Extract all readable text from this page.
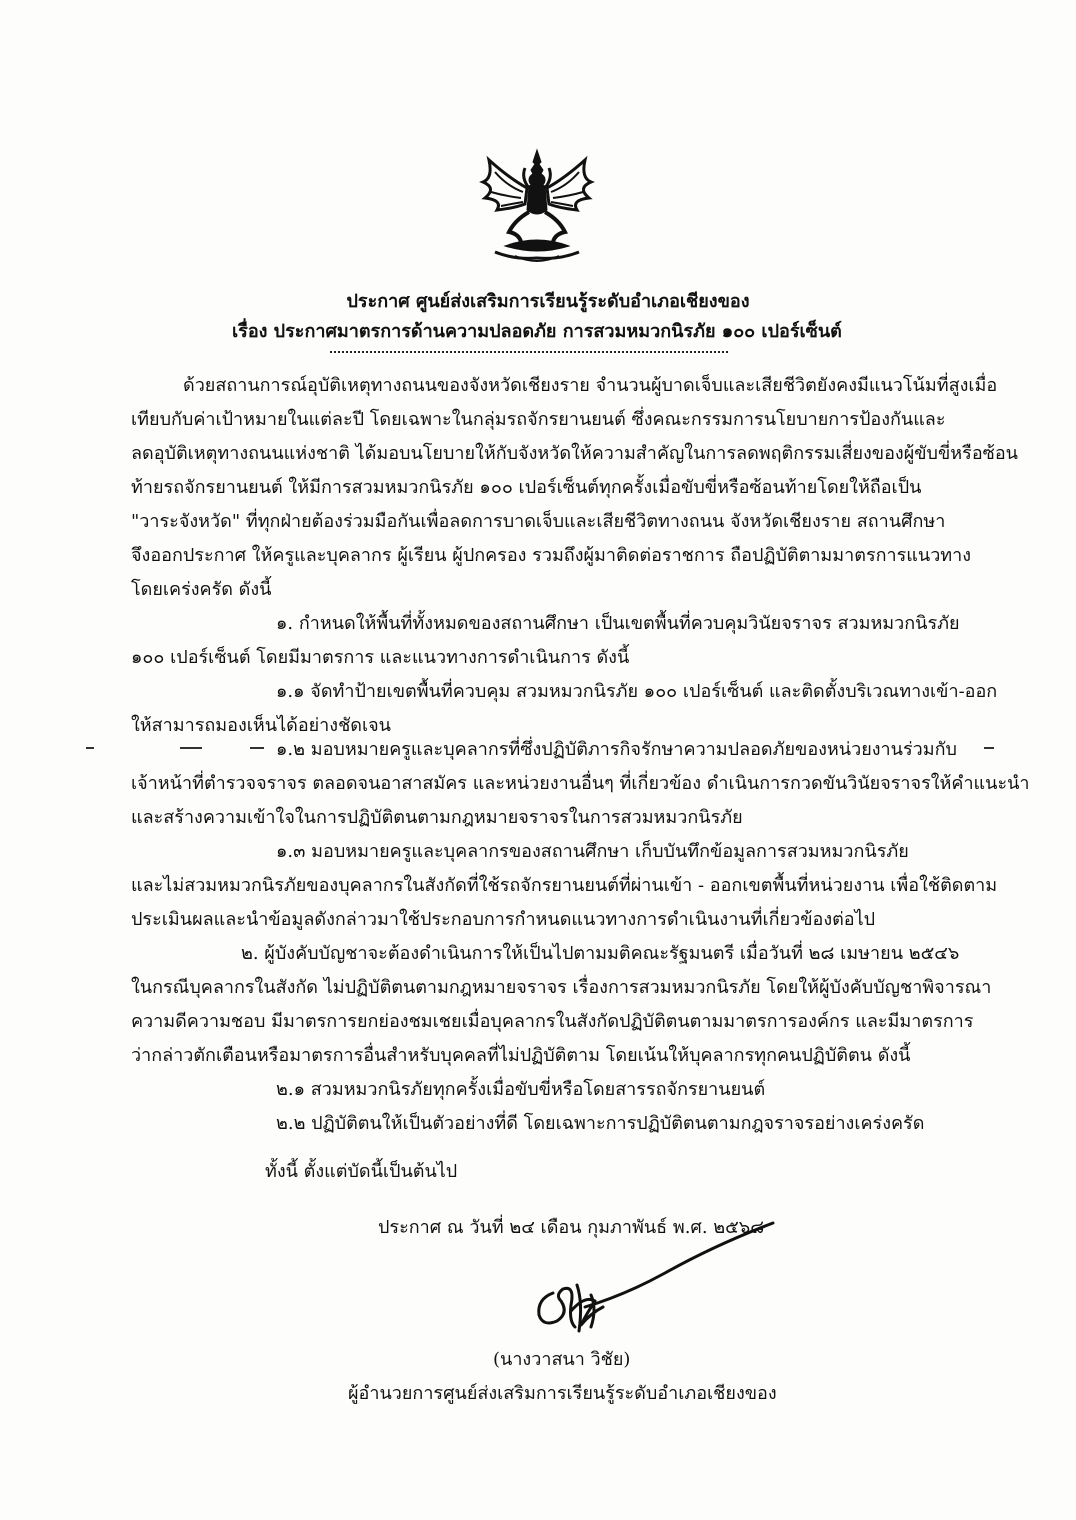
ประกาศ ศูนย์ส่งเสริมการเรียนรู้ระดับอำเภอเชียงของ
เรื่อง ประกาศมาตรการด้านความปลอดภัย การสวมหมวกนิรภัย ๑๐๐ เปอร์เซ็นต์
ด้วยสถานการณ์อุบัติเหตุทางถนนของจังหวัดเชียงราย จำนวนผู้บาดเจ็บและเสียชีวิตยังคงมีแนวโน้มที่สูงเมื่อ
เทียบกับค่าเป้าหมายในแต่ละปี โดยเฉพาะในกลุ่มรถจักรยานยนต์ ซึ่งคณะกรรมการนโยบายการป้องกันและ
ลดอุบัติเหตุทางถนนแห่งชาติ ได้มอบนโยบายให้กับจังหวัดให้ความสำคัญในการลดพฤติกรรมเสี่ยงของผู้ขับขี่หรือซ้อน
ท้ายรถจักรยานยนต์ ให้มีการสวมหมวกนิรภัย ๑๐๐ เปอร์เซ็นต์ทุกครั้งเมื่อขับขี่หรือซ้อนท้ายโดยให้ถือเป็น
"วาระจังหวัด" ที่ทุกฝ่ายต้องร่วมมือกันเพื่อลดการบาดเจ็บและเสียชีวิตทางถนน จังหวัดเชียงราย สถานศึกษา
จึงออกประกาศ ให้ครูและบุคลากร ผู้เรียน ผู้ปกครอง รวมถึงผู้มาติดต่อราชการ ถือปฏิบัติตามมาตรการแนวทาง
โดยเคร่งครัด ดังนี้
๑. กำหนดให้พื้นที่ทั้งหมดของสถานศึกษา เป็นเขตพื้นที่ควบคุมวินัยจราจร สวมหมวกนิรภัย
๑๐๐ เปอร์เซ็นต์ โดยมีมาตรการ และแนวทางการดำเนินการ ดังนี้
๑.๑ จัดทำป้ายเขตพื้นที่ควบคุม สวมหมวกนิรภัย ๑๐๐ เปอร์เซ็นต์ และติดตั้งบริเวณทางเข้า-ออก
ให้สามารถมองเห็นได้อย่างชัดเจน
๑.๒ มอบหมายครูและบุคลากรที่ซึ่งปฏิบัติภารกิจรักษาความปลอดภัยของหน่วยงานร่วมกับ
เจ้าหน้าที่ตำรวจจราจร ตลอดจนอาสาสมัคร และหน่วยงานอื่นๆ ที่เกี่ยวข้อง ดำเนินการกวดขันวินัยจราจรให้คำแนะนำ
และสร้างความเข้าใจในการปฏิบัติตนตามกฎหมายจราจรในการสวมหมวกนิรภัย
๑.๓ มอบหมายครูและบุคลากรของสถานศึกษา เก็บบันทึกข้อมูลการสวมหมวกนิรภัย
และไม่สวมหมวกนิรภัยของบุคลากรในสังกัดที่ใช้รถจักรยานยนต์ที่ผ่านเข้า - ออกเขตพื้นที่หน่วยงาน เพื่อใช้ติดตาม
ประเมินผลและนำข้อมูลดังกล่าวมาใช้ประกอบการกำหนดแนวทางการดำเนินงานที่เกี่ยวข้องต่อไป
๒. ผู้บังคับบัญชาจะต้องดำเนินการให้เป็นไปตามมติคณะรัฐมนตรี เมื่อวันที่ ๒๘ เมษายน ๒๕๔๖
ในกรณีบุคลากรในสังกัด ไม่ปฏิบัติตนตามกฎหมายจราจร เรื่องการสวมหมวกนิรภัย โดยให้ผู้บังคับบัญชาพิจารณา
ความดีความชอบ มีมาตรการยกย่องชมเชยเมื่อบุคลากรในสังกัดปฏิบัติตนตามมาตรการองค์กร และมีมาตรการ
ว่ากล่าวตักเตือนหรือมาตรการอื่นสำหรับบุคคลที่ไม่ปฏิบัติตาม โดยเน้นให้บุคลากรทุกคนปฏิบัติตน ดังนี้
๒.๑ สวมหมวกนิรภัยทุกครั้งเมื่อขับขี่หรือโดยสารรถจักรยานยนต์
๒.๒ ปฏิบัติตนให้เป็นตัวอย่างที่ดี โดยเฉพาะการปฏิบัติตนตามกฎจราจรอย่างเคร่งครัด
ทั้งนี้ ตั้งแต่บัดนี้เป็นต้นไป
ประกาศ ณ วันที่ ๒๔ เดือน กุมภาพันธ์ พ.ศ. ๒๕๖๘
(นางวาสนา วิชัย)
ผู้อำนวยการศูนย์ส่งเสริมการเรียนรู้ระดับอำเภอเชียงของ
